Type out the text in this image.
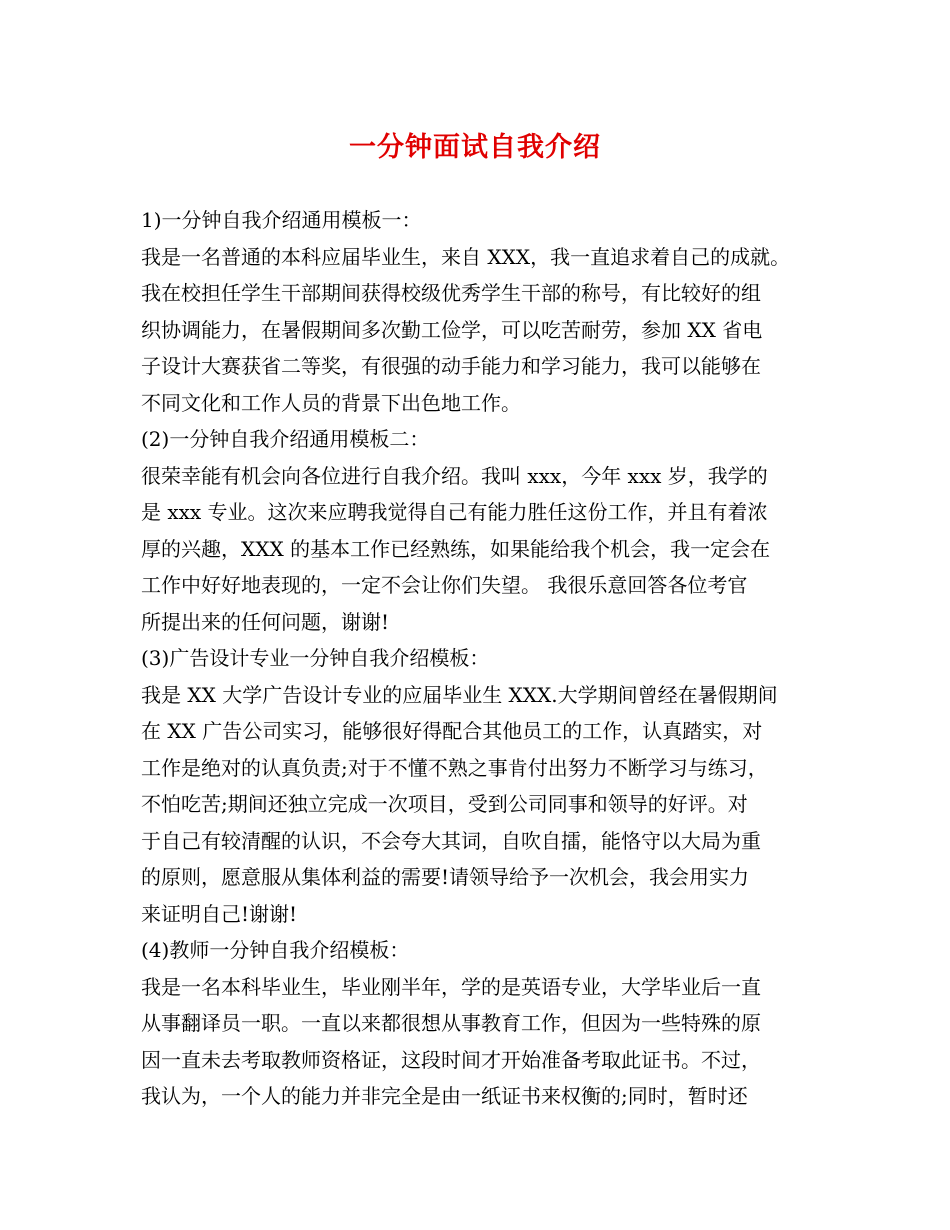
一分钟面试自我介绍
1)一分钟自我介绍通用模板一：
我是一名普通的本科应届毕业生，来自 XXX，我一直追求着自己的成就。
我在校担任学生干部期间获得校级优秀学生干部的称号，有比较好的组
织协调能力，在暑假期间多次勤工俭学，可以吃苦耐劳，参加 XX 省电
子设计大赛获省二等奖，有很强的动手能力和学习能力，我可以能够在
不同文化和工作人员的背景下出色地工作。
(2)一分钟自我介绍通用模板二：
很荣幸能有机会向各位进行自我介绍。我叫 xxx，今年 xxx 岁，我学的
是 xxx 专业。这次来应聘我觉得自己有能力胜任这份工作，并且有着浓
厚的兴趣，XXX 的基本工作已经熟练，如果能给我个机会，我一定会在
工作中好好地表现的，一定不会让你们失望。 我很乐意回答各位考官
所提出来的任何问题，谢谢!
(3)广告设计专业一分钟自我介绍模板：
我是 XX 大学广告设计专业的应届毕业生 XXX.大学期间曾经在暑假期间
在 XX 广告公司实习，能够很好得配合其他员工的工作，认真踏实，对
工作是绝对的认真负责;对于不懂不熟之事肯付出努力不断学习与练习，
不怕吃苦;期间还独立完成一次项目，受到公司同事和领导的好评。对
于自己有较清醒的认识，不会夸大其词，自吹自擂，能恪守以大局为重
的原则，愿意服从集体利益的需要!请领导给予一次机会，我会用实力
来证明自己!谢谢!
(4)教师一分钟自我介绍模板：
我是一名本科毕业生，毕业刚半年，学的是英语专业，大学毕业后一直
从事翻译员一职。一直以来都很想从事教育工作，但因为一些特殊的原
因一直未去考取教师资格证，这段时间才开始准备考取此证书。不过，
我认为，一个人的能力并非完全是由一纸证书来权衡的;同时，暂时还
